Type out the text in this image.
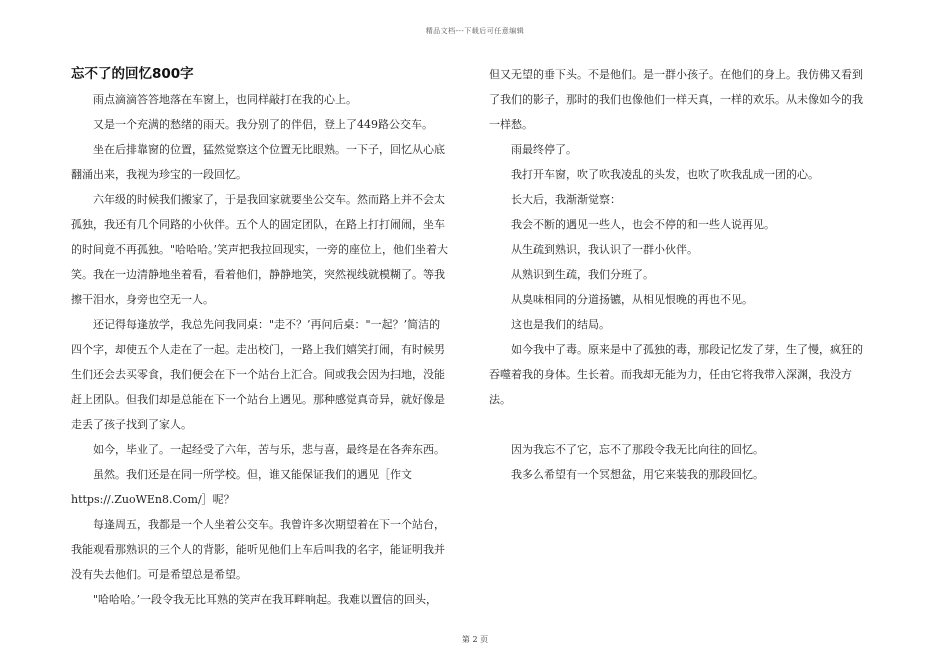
精品文档---下载后可任意编辑
忘不了的回忆800字

雨点滴滴答答地落在车窗上，也同样敲打在我的心上。

又是一个充满的愁绪的雨天。我分别了的伴侣，登上了449路公交车。

坐在后排靠窗的位置，猛然觉察这个位置无比眼熟。一下子，回忆从心底翻涌出来，我视为珍宝的一段回忆。

六年级的时候我们搬家了，于是我回家就要坐公交车。然而路上并不会太孤独，我还有几个同路的小伙伴。五个人的固定团队，在路上打打闹闹，坐车的时间竟不再孤独。"哈哈哈。’笑声把我拉回现实，一旁的座位上，他们坐着大笑。我在一边清静地坐着看，看着他们，静静地笑，突然视线就模糊了。等我擦干泪水，身旁也空无一人。

还记得每逢放学，我总先问我同桌："走不？’再问后桌："一起？’简洁的四个字，却使五个人走在了一起。走出校门，一路上我们嬉笑打闹，有时候男生们还会去买零食，我们便会在下一个站台上汇合。间或我会因为扫地，没能赶上团队。但我们却是总能在下一个站台上遇见。那种感觉真奇异，就好像是走丢了孩子找到了家人。

如今，毕业了。一起经受了六年，苦与乐，悲与喜，最终是在各奔东西。

虽然。我们还是在同一所学校。但，谁又能保证我们的遇见［作文https://.ZuoWEn8.Com/］呢？

每逢周五，我都是一个人坐着公交车。我曾许多次期望着在下一个站台，我能观看那熟识的三个人的背影，能听见他们上车后叫我的名字，能证明我并没有失去他们。可是希望总是希望。

"哈哈哈。’一段令我无比耳熟的笑声在我耳畔响起。我难以置信的回头，

但又无望的垂下头。不是他们。是一群小孩子。在他们的身上。我仿佛又看到了我们的影子，那时的我们也像他们一样天真，一样的欢乐。从未像如今的我一样愁。

雨最终停了。

我打开车窗，吹了吹我凌乱的头发，也吹了吹我乱成一团的心。

长大后，我渐渐觉察：

我会不断的遇见一些人，也会不停的和一些人说再见。

从生疏到熟识，我认识了一群小伙伴。

从熟识到生疏，我们分班了。

从臭味相同的分道扬镳，从相见恨晚的再也不见。

这也是我们的结局。

如今我中了毒。原来是中了孤独的毒，那段记忆发了芽，生了慢，疯狂的吞噬着我的身体。生长着。而我却无能为力，任由它将我带入深渊，我没方法。

因为我忘不了它，忘不了那段令我无比向往的回忆。

我多么希望有一个冥想盆，用它来装我的那段回忆。

第 2 页
